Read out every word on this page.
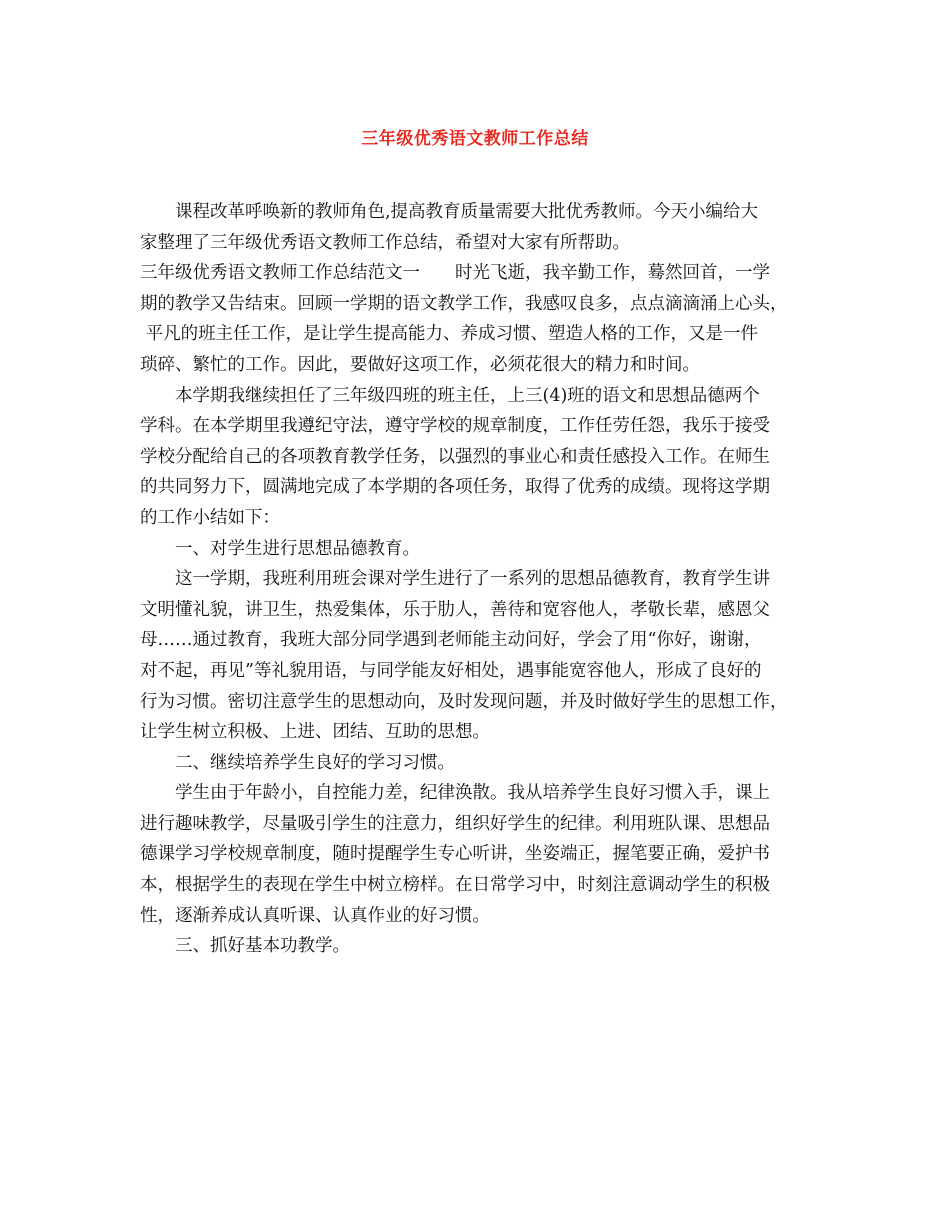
三年级优秀语文教师工作总结
课程改革呼唤新的教师角色,提高教育质量需要大批优秀教师。今天小编给大
家整理了三年级优秀语文教师工作总结，希望对大家有所帮助。
三年级优秀语文教师工作总结范文一　　时光飞逝，我辛勤工作，蓦然回首，一学
期的教学又告结束。回顾一学期的语文教学工作，我感叹良多，点点滴滴涌上心头，
平凡的班主任工作，是让学生提高能力、养成习惯、塑造人格的工作，又是一件
琐碎、繁忙的工作。因此，要做好这项工作，必须花很大的精力和时间。
本学期我继续担任了三年级四班的班主任，上三(4)班的语文和思想品德两个
学科。在本学期里我遵纪守法，遵守学校的规章制度，工作任劳任怨，我乐于接受
学校分配给自己的各项教育教学任务，以强烈的事业心和责任感投入工作。在师生
的共同努力下，圆满地完成了本学期的各项任务，取得了优秀的成绩。现将这学期
的工作小结如下：
一、对学生进行思想品德教育。
这一学期，我班利用班会课对学生进行了一系列的思想品德教育，教育学生讲
文明懂礼貌，讲卫生，热爱集体，乐于肋人，善待和宽容他人，孝敬长辈，感恩父
母……通过教育，我班大部分同学遇到老师能主动问好，学会了用“你好，谢谢，
对不起，再见”等礼貌用语，与同学能友好相处，遇事能宽容他人，形成了良好的
行为习惯。密切注意学生的思想动向，及时发现问题，并及时做好学生的思想工作，
让学生树立积极、上进、团结、互助的思想。
二、继续培养学生良好的学习习惯。
学生由于年龄小，自控能力差，纪律涣散。我从培养学生良好习惯入手，课上
进行趣味教学，尽量吸引学生的注意力，组织好学生的纪律。利用班队课、思想品
德课学习学校规章制度，随时提醒学生专心听讲，坐姿端正，握笔要正确，爱护书
本，根据学生的表现在学生中树立榜样。在日常学习中，时刻注意调动学生的积极
性，逐渐养成认真听课、认真作业的好习惯。
三、抓好基本功教学。
